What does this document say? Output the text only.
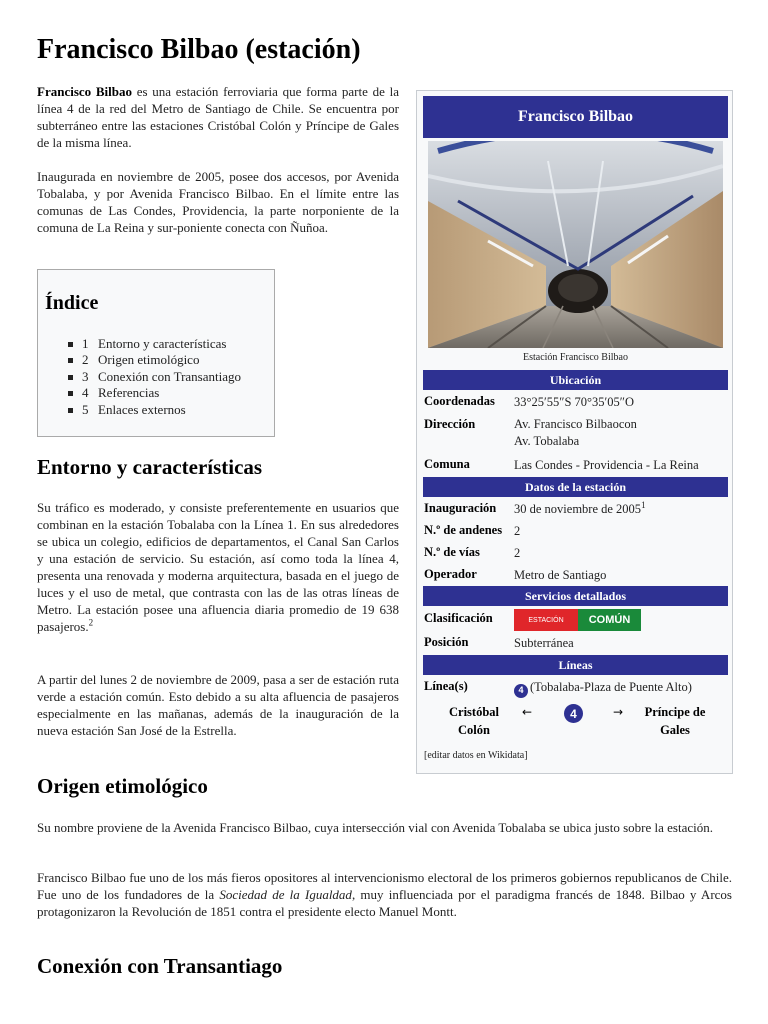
Francisco Bilbao (estación)
Francisco Bilbao es una estación ferroviaria que forma parte de la línea 4 de la red del Metro de Santiago de Chile. Se encuentra por subterráneo entre las estaciones Cristóbal Colón y Príncipe de Gales de la misma línea.
Inaugurada en noviembre de 2005, posee dos accesos, por Avenida Tobalaba, y por Avenida Francisco Bilbao. En el límite entre las comunas de Las Condes, Providencia, la parte norponiente de la comuna de La Reina y sur-poniente conecta con Ñuñoa.
Índice
1 Entorno y características
2 Origen etimológico
3 Conexión con Transantiago
4 Referencias
5 Enlaces externos
Entorno y características
Su tráfico es moderado, y consiste preferentemente en usuarios que combinan en la estación Tobalaba con la Línea 1. En sus alrededores se ubica un colegio, edificios de departamentos, el Canal San Carlos y una estación de servicio. Su estación, así como toda la línea 4, presenta una renovada y moderna arquitectura, basada en el juego de luces y el uso de metal, que contrasta con las de las otras líneas de Metro. La estación posee una afluencia diaria promedio de 19 638 pasajeros.$^2$
A partir del lunes 2 de noviembre de 2009, pasa a ser de estación ruta verde a estación común. Esto debido a su alta afluencia de pasajeros especialmente en las mañanas, además de la inauguración de la nueva estación San José de la Estrella.
Origen etimológico
Su nombre proviene de la Avenida Francisco Bilbao, cuya intersección vial con Avenida Tobalaba se ubica justo sobre la estación.
Francisco Bilbao fue uno de los más fieros opositores al intervencionismo electoral de los primeros gobiernos republicanos de Chile. Fue uno de los fundadores de la Sociedad de la Igualdad, muy influenciada por el paradigma francés de 1848. Bilbao y Arcos protagonizaron la Revolución de 1851 contra el presidente electo Manuel Montt.
Conexión con Transantiago
Francisco Bilbao
Estación Francisco Bilbao
Ubicación
Coordenadas 33°25′55″S 70°35′05″O
Dirección	Av. Francisco Bilbaocon
Av. Tobalaba
Comuna	Las Condes - Providencia - La Reina
Datos de la estación
Inauguración 30 de noviembre de 2005$^1$
N.º de andenes 2
N.º de vías	2
Operador	Metro de Santiago
Servicios detallados
Clasificación	ESTACIÓN	COMÚN
Posición	Subterránea
Líneas
Línea(s)	4 (Tobalaba-Plaza de Puente Alto)
Cristóbal
Colón
←	4	→	Príncipe de
Gales
[editar datos en Wikidata]
